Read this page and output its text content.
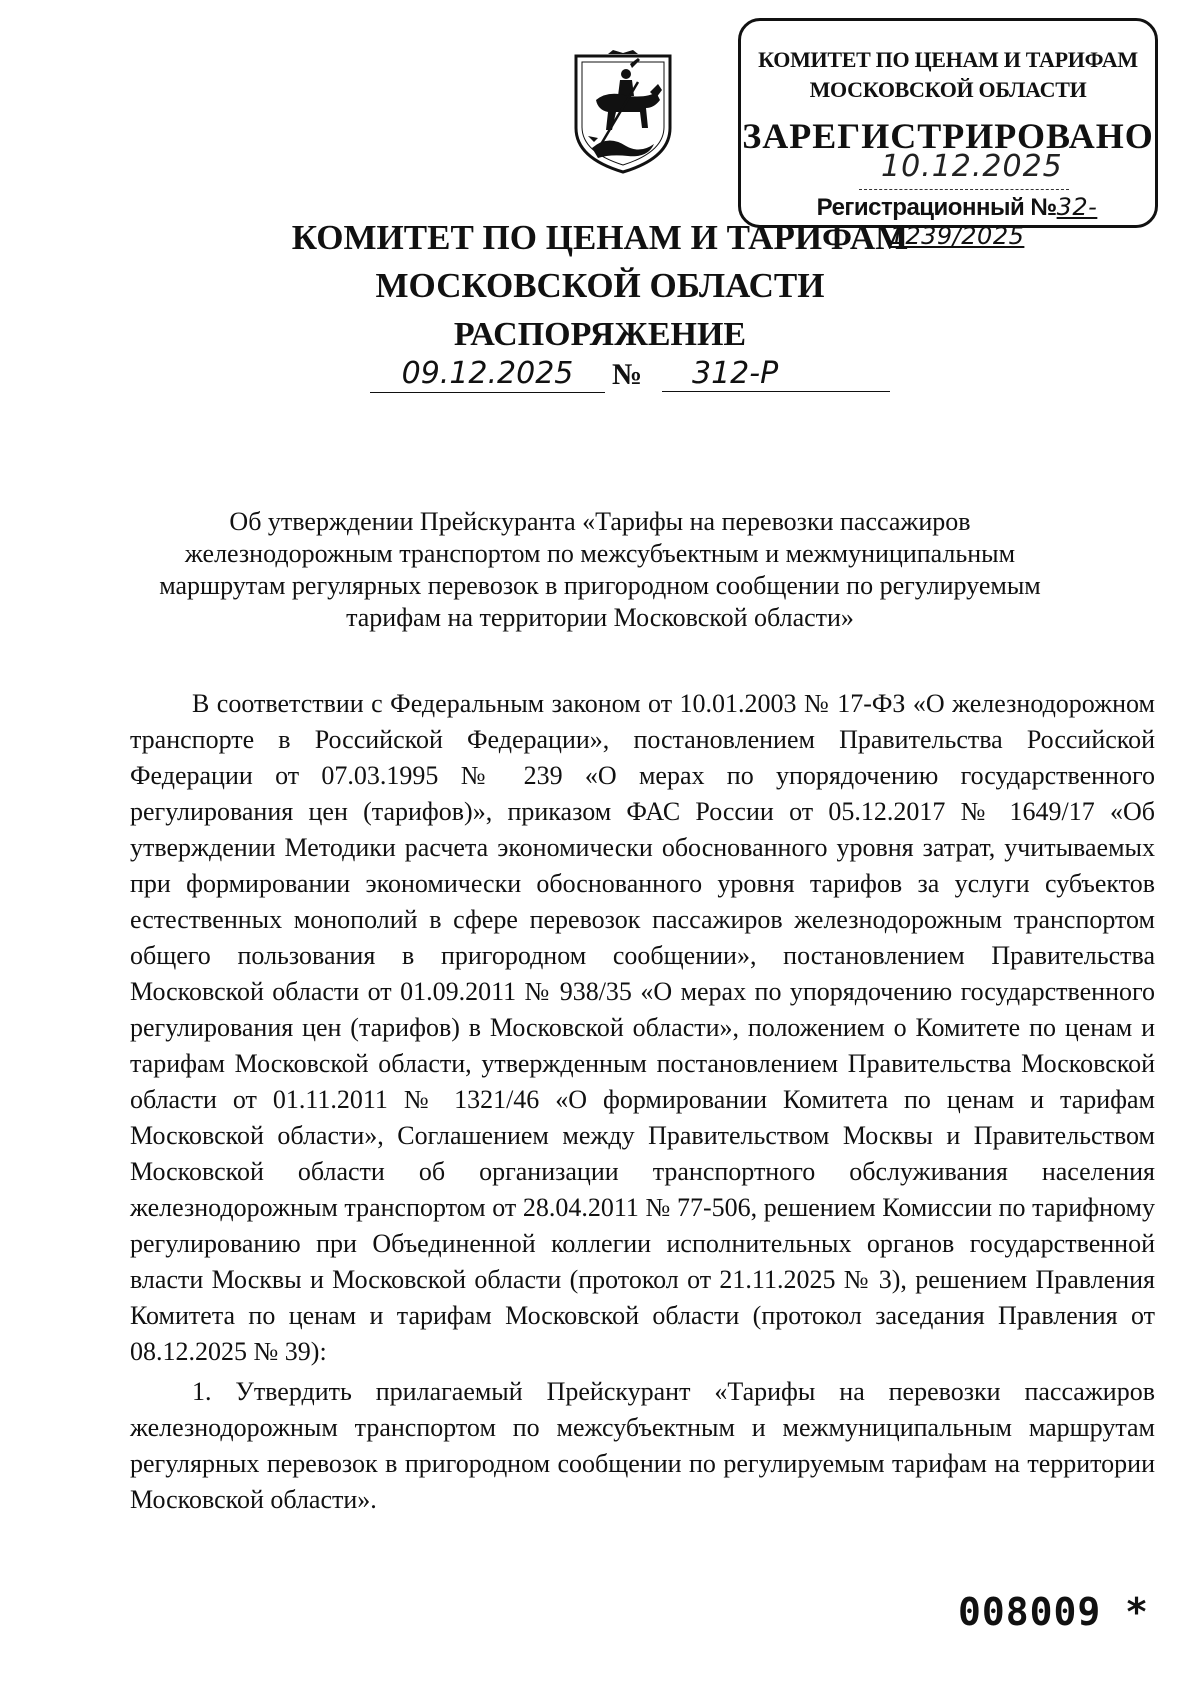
КОМИТЕТ ПО ЦЕНАМ И ТАРИФАМ
МОСКОВСКОЙ ОБЛАСТИ
ЗАРЕГИСТРИРОВАНО
10.12.2025
Регистрационный №32-1239/2025
КОМИТЕТ ПО ЦЕНАМ И ТАРИФАМ
МОСКОВСКОЙ ОБЛАСТИ
РАСПОРЯЖЕНИЕ
09.12.2025	№	312-Р
Об утверждении Прейскуранта «Тарифы на перевозки пассажиров железнодорожным транспортом по межсубъектным и межмуниципальным маршрутам регулярных перевозок в пригородном сообщении по регулируемым тарифам на территории Московской области»

В соответствии с Федеральным законом от 10.01.2003 № 17-ФЗ «О железнодорожном транспорте в Российской Федерации», постановлением Правительства Российской Федерации от 07.03.1995 № 239 «О мерах по упорядочению государственного регулирования цен (тарифов)», приказом ФАС России от 05.12.2017 № 1649/17 «Об утверждении Методики расчета экономически обоснованного уровня затрат, учитываемых при формировании экономически обоснованного уровня тарифов за услуги субъектов естественных монополий в сфере перевозок пассажиров железнодорожным транспортом общего пользования в пригородном сообщении», постановлением Правительства Московской области от 01.09.2011 № 938/35 «О мерах по упорядочению государственного регулирования цен (тарифов) в Московской области», положением о Комитете по ценам и тарифам Московской области, утвержденным постановлением Правительства Московской области от 01.11.2011 № 1321/46 «О формировании Комитета по ценам и тарифам Московской области», Соглашением между Правительством Москвы и Правительством Московской области об организации транспортного обслуживания населения железнодорожным транспортом от 28.04.2011 № 77-506, решением Комиссии по тарифному регулированию при Объединенной коллегии исполнительных органов государственной власти Москвы и Московской области (протокол от 21.11.2025 № 3), решением Правления Комитета по ценам и тарифам Московской области (протокол заседания Правления от 08.12.2025 № 39):

1. Утвердить прилагаемый Прейскурант «Тарифы на перевозки пассажиров железнодорожным транспортом по межсубъектным и межмуниципальным маршрутам регулярных перевозок в пригородном сообщении по регулируемым тарифам на территории Московской области».

008009 *
